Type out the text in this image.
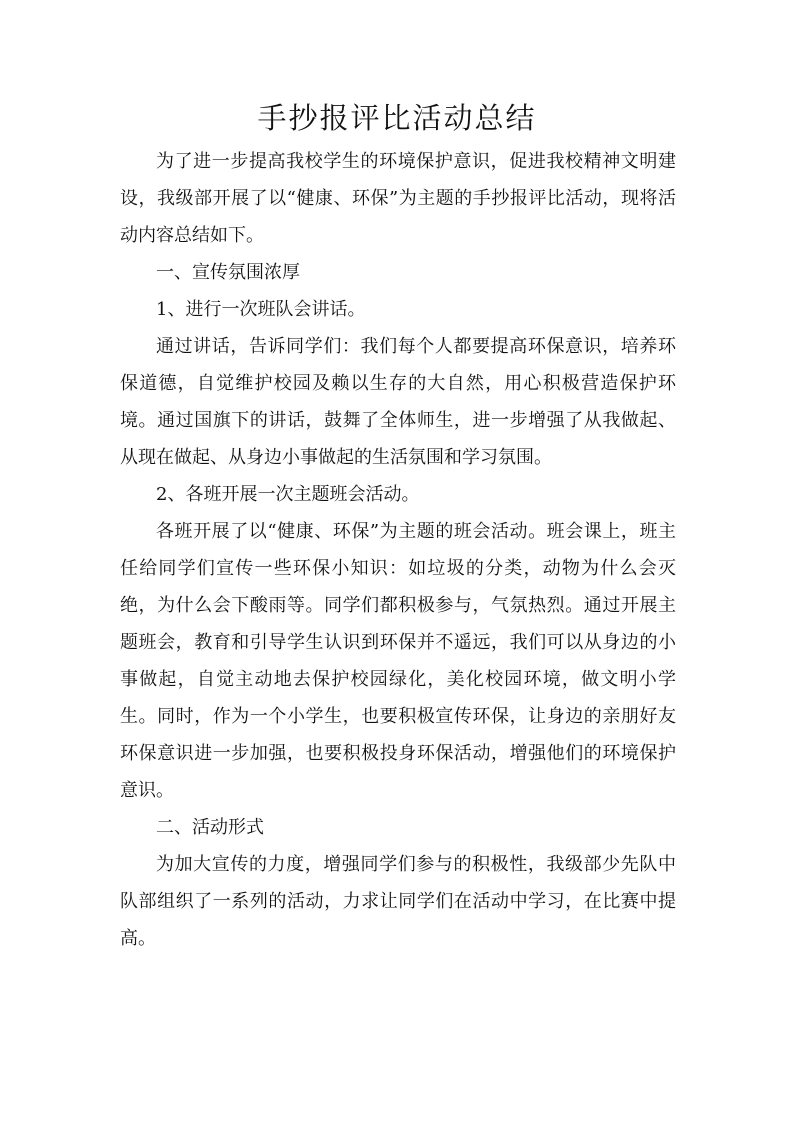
手抄报评比活动总结

为了进一步提高我校学生的环境保护意识，促进我校精神文明建设，我级部开展了以“健康、环保”为主题的手抄报评比活动，现将活动内容总结如下。

一、宣传氛围浓厚

1、进行一次班队会讲话。

通过讲话，告诉同学们：我们每个人都要提高环保意识，培养环保道德，自觉维护校园及赖以生存的大自然，用心积极营造保护环境。通过国旗下的讲话，鼓舞了全体师生，进一步增强了从我做起、从现在做起、从身边小事做起的生活氛围和学习氛围。

2、各班开展一次主题班会活动。

各班开展了以“健康、环保”为主题的班会活动。班会课上，班主任给同学们宣传一些环保小知识：如垃圾的分类，动物为什么会灭绝，为什么会下酸雨等。同学们都积极参与，气氛热烈。通过开展主题班会，教育和引导学生认识到环保并不遥远，我们可以从身边的小事做起，自觉主动地去保护校园绿化，美化校园环境，做文明小学生。同时，作为一个小学生，也要积极宣传环保，让身边的亲朋好友环保意识进一步加强，也要积极投身环保活动，增强他们的环境保护意识。

二、活动形式

为加大宣传的力度，增强同学们参与的积极性，我级部少先队中队部组织了一系列的活动，力求让同学们在活动中学习，在比赛中提高。
